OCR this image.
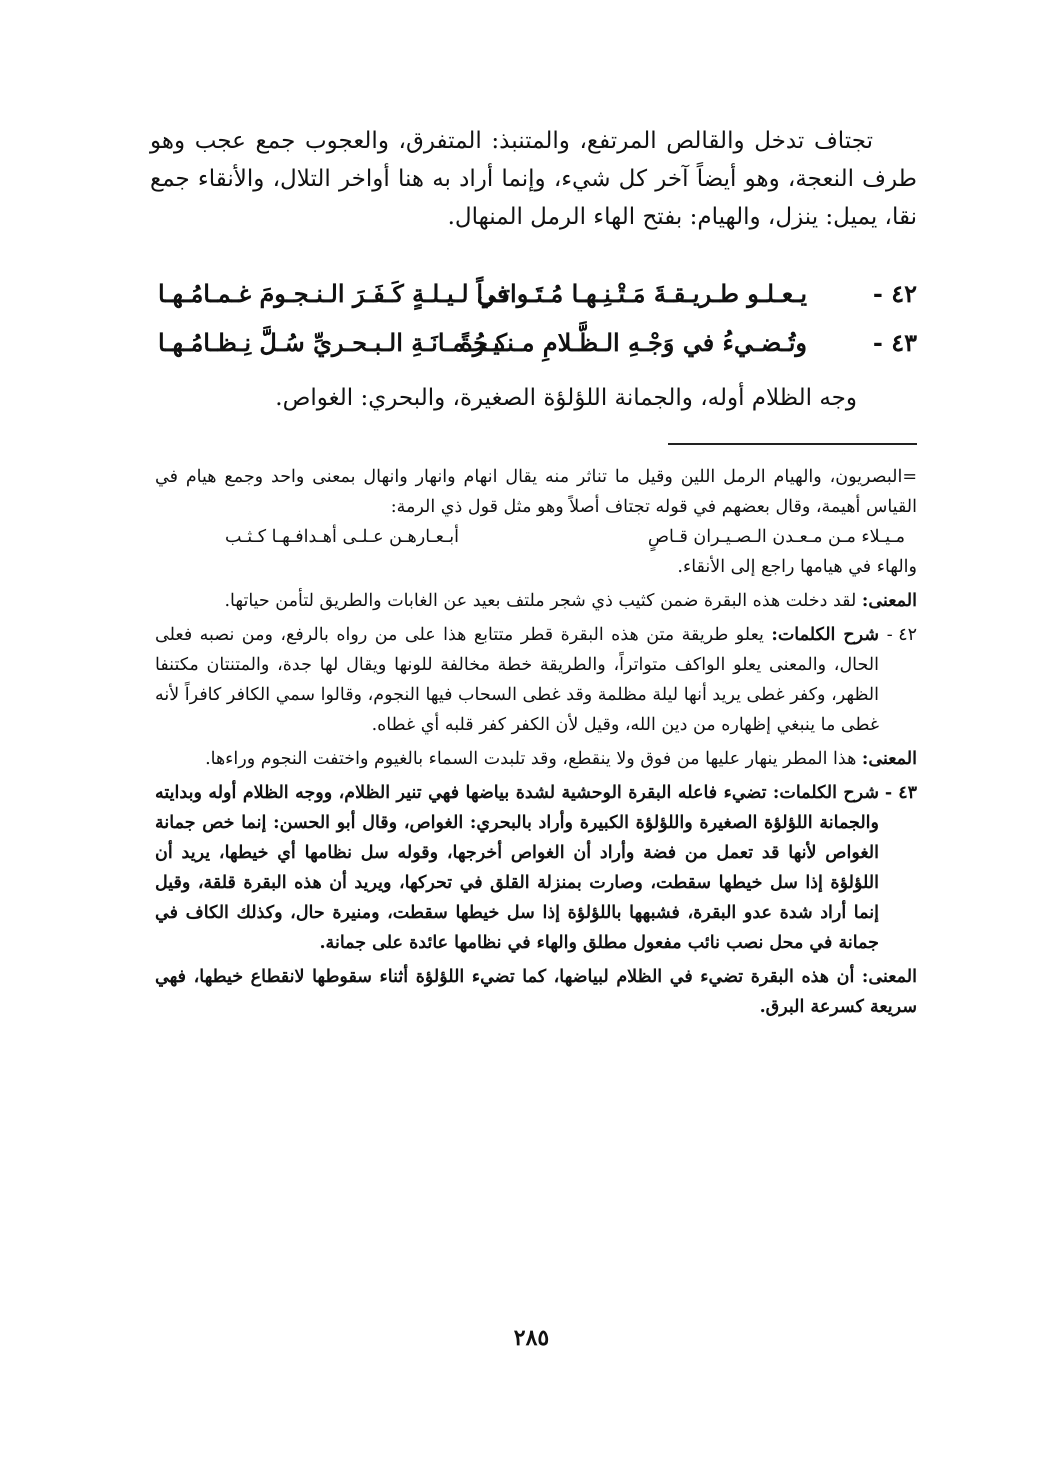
تجتاف تدخل والقالص المرتفع، والمتنبذ: المتفرق، والعجوب جمع عجب وهو طرف النعجة، وهو أيضاً آخر كل شيء، وإنما أراد به هنا أواخر التلال، والأنقاء جمع نقا، يميل: ينزل، والهيام: بفتح الهاء الرمل المنهال.

٤٢ -
يـعـلـو طـريـقـةَ مَـتْـنِـهـا مُـتَـواتـراً
في لـيـلـةٍ كَـفَـرَ الـنـجـومَ غـمـامُـهـا
٤٣ -
وتُـضـيءُ في وَجْـهِ الـظَّـلامِ مـنـيـرةً
كـجُـمـانَـةِ الـبـحـريِّ سُـلَّ نِـظـامُـهـا

وجه الظلام أوله، والجمانة اللؤلؤة الصغيرة، والبحري: الغواص.

=البصريون، والهيام الرمل اللين وقيل ما تناثر منه يقال انهام وانهار وانهال بمعنى واحد وجمع هيام في القياس أهيمة، وقال بعضهم في قوله تجتاف أصلاً وهو مثل قول ذي الرمة:

مـيـلاء مـن مـعـدن الـصـيـران قـاصٍ
أبـعـارهـن عـلـى أهـدافـهـا كـثـب

والهاء في هيامها راجع إلى الأنقاء.

المعنى: لقد دخلت هذه البقرة ضمن كثيب ذي شجر ملتف بعيد عن الغابات والطريق لتأمن حياتها.

٤٢ -

شرح الكلمات: يعلو طريقة متن هذه البقرة قطر متتابع هذا على من رواه بالرفع، ومن نصبه فعلى الحال، والمعنى يعلو الواكف متواتراً، والطريقة خطة مخالفة للونها ويقال لها جدة، والمتنتان مكتنفا الظهر، وكفر غطى يريد أنها ليلة مظلمة وقد غطى السحاب فيها النجوم، وقالوا سمي الكافر كافراً لأنه غطى ما ينبغي إظهاره من دين الله، وقيل لأن الكفر كفر قلبه أي غطاه.

المعنى: هذا المطر ينهار عليها من فوق ولا ينقطع، وقد تلبدت السماء بالغيوم واختفت النجوم وراءها.

٤٣ -

شرح الكلمات: تضيء فاعله البقرة الوحشية لشدة بياضها فهي تنير الظلام، ووجه الظلام أوله وبدايته والجمانة اللؤلؤة الصغيرة واللؤلؤة الكبيرة وأراد بالبحري: الغواص، وقال أبو الحسن: إنما خص جمانة الغواص لأنها قد تعمل من فضة وأراد أن الغواص أخرجها، وقوله سل نظامها أي خيطها، يريد أن اللؤلؤة إذا سل خيطها سقطت، وصارت بمنزلة القلق في تحركها، ويريد أن هذه البقرة قلقة، وقيل إنما أراد شدة عدو البقرة، فشبهها باللؤلؤة إذا سل خيطها سقطت، ومنيرة حال، وكذلك الكاف في جمانة في محل نصب نائب مفعول مطلق والهاء في نظامها عائدة على جمانة.

المعنى: أن هذه البقرة تضيء في الظلام لبياضها، كما تضيء اللؤلؤة أثناء سقوطها لانقطاع خيطها، فهي سريعة كسرعة البرق.

٢٨٥
